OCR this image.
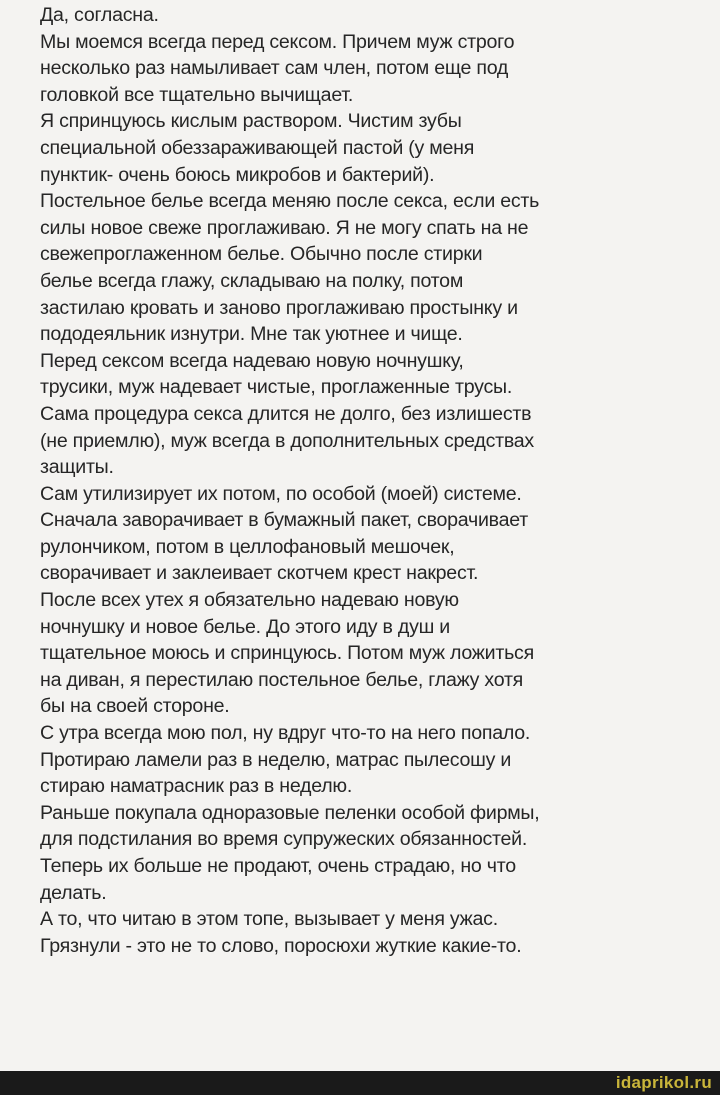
Да, согласна.
Мы моемся всегда перед сексом. Причем муж строго
несколько раз намыливает сам член, потом еще под
головкой все тщательно вычищает.
Я спринцуюсь кислым раствором. Чистим зубы
специальной обеззараживающей пастой (у меня
пунктик- очень боюсь микробов и бактерий).
Постельное белье всегда меняю после секса, если есть
силы новое свеже проглаживаю. Я не могу спать на не
свежепроглаженном белье. Обычно после стирки
белье всегда глажу, складываю на полку, потом
застилаю кровать и заново проглаживаю простынку и
пододеяльник изнутри. Мне так уютнее и чище.
Перед сексом всегда надеваю новую ночнушку,
трусики, муж надевает чистые, проглаженные трусы.
Сама процедура секса длится не долго, без излишеств
(не приемлю), муж всегда в дополнительных средствах
защиты.
Сам утилизирует их потом, по особой (моей) системе.
Сначала заворачивает в бумажный пакет, сворачивает
рулончиком, потом в целлофановый мешочек,
сворачивает и заклеивает скотчем крест накрест.
После всех утех я обязательно надеваю новую
ночнушку и новое белье. До этого иду в душ и
тщательное моюсь и спринцуюсь. Потом муж ложиться
на диван, я перестилаю постельное белье, глажу хотя
бы на своей стороне.
С утра всегда мою пол, ну вдруг что-то на него попало.
Протираю ламели раз в неделю, матрас пылесошу и
стираю наматрасник раз в неделю.
Раньше покупала одноразовые пеленки особой фирмы,
для подстилания во время супружеских обязанностей.
Теперь их больше не продают, очень страдаю, но что
делать.
А то, что читаю в этом топе, вызывает у меня ужас.
Грязнули - это не то слово, поросюхи жуткие какие-то.
idaprikol.ru
